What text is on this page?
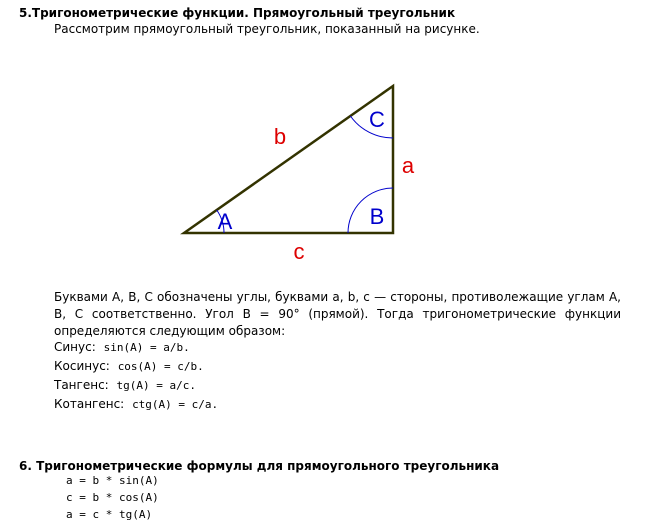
5.Тригонометрические функции. Прямоугольный треугольник
Рассмотрим прямоугольный треугольник, показанный на рисунке.
b
a
c
A	B
C
Буквами A, B, C обозначены углы, буквами a, b, c — стороны, противолежащие углам A, B, C соответственно. Угол B = 90° (прямой). Тогда тригонометрические функции определяются следующим образом:
Синус: sin(A) = a/b.
Косинус: cos(A) = c/b.
Тангенс: tg(A) = a/c.
Котангенс: ctg(A) = c/a.
6. Тригонометрические формулы для прямоугольного треугольника
a = b * sin(A)
c = b * cos(A)
a = c * tg(A)
